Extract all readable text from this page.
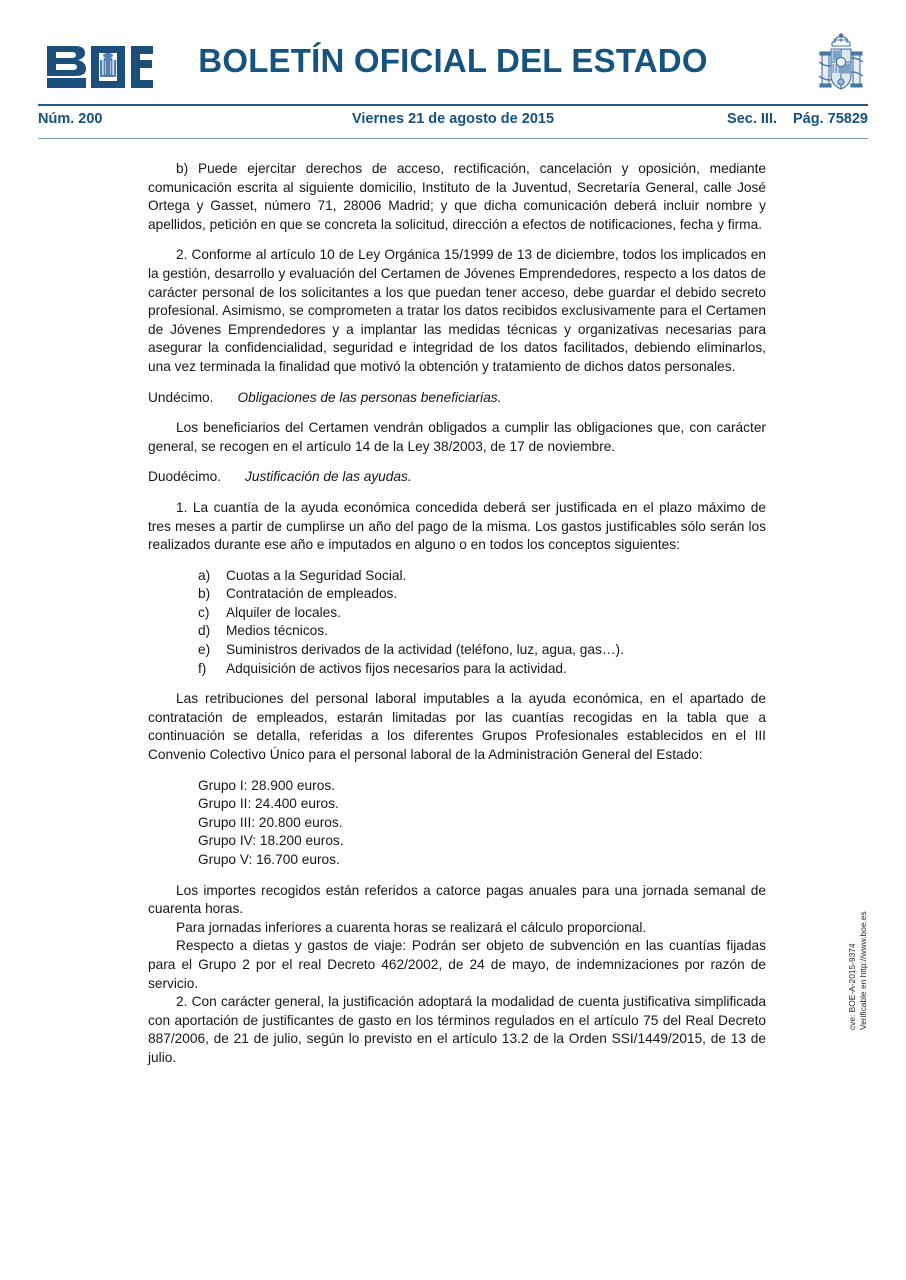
BOLETÍN OFICIAL DEL ESTADO
Núm. 200	Viernes 21 de agosto de 2015	Sec. III. Pág. 75829

b) Puede ejercitar derechos de acceso, rectificación, cancelación y oposición, mediante comunicación escrita al siguiente domicilio, Instituto de la Juventud, Secretaría General, calle José Ortega y Gasset, número 71, 28006 Madrid; y que dicha comunicación deberá incluir nombre y apellidos, petición en que se concreta la solicitud, dirección a efectos de notificaciones, fecha y firma.

2. Conforme al artículo 10 de Ley Orgánica 15/1999 de 13 de diciembre, todos los implicados en la gestión, desarrollo y evaluación del Certamen de Jóvenes Emprendedores, respecto a los datos de carácter personal de los solicitantes a los que puedan tener acceso, debe guardar el debido secreto profesional. Asimismo, se comprometen a tratar los datos recibidos exclusivamente para el Certamen de Jóvenes Emprendedores y a implantar las medidas técnicas y organizativas necesarias para asegurar la confidencialidad, seguridad e integridad de los datos facilitados, debiendo eliminarlos, una vez terminada la finalidad que motivó la obtención y tratamiento de dichos datos personales.

Undécimo. Obligaciones de las personas beneficiarias.

Los beneficiarios del Certamen vendrán obligados a cumplir las obligaciones que, con carácter general, se recogen en el artículo 14 de la Ley 38/2003, de 17 de noviembre.

Duodécimo. Justificación de las ayudas.

1. La cuantía de la ayuda económica concedida deberá ser justificada en el plazo máximo de tres meses a partir de cumplirse un año del pago de la misma. Los gastos justificables sólo serán los realizados durante ese año e imputados en alguno o en todos los conceptos siguientes:

a) Cuotas a la Seguridad Social.
b) Contratación de empleados.
c) Alquiler de locales.
d) Medios técnicos.
e) Suministros derivados de la actividad (teléfono, luz, agua, gas…).
f) Adquisición de activos fijos necesarios para la actividad.

Las retribuciones del personal laboral imputables a la ayuda económica, en el apartado de contratación de empleados, estarán limitadas por las cuantías recogidas en la tabla que a continuación se detalla, referidas a los diferentes Grupos Profesionales establecidos en el III Convenio Colectivo Único para el personal laboral de la Administración General del Estado:

Grupo I: 28.900 euros.
Grupo II: 24.400 euros.
Grupo III: 20.800 euros.
Grupo IV: 18.200 euros.
Grupo V: 16.700 euros.

Los importes recogidos están referidos a catorce pagas anuales para una jornada semanal de cuarenta horas.

Para jornadas inferiores a cuarenta horas se realizará el cálculo proporcional.

Respecto a dietas y gastos de viaje: Podrán ser objeto de subvención en las cuantías fijadas para el Grupo 2 por el real Decreto 462/2002, de 24 de mayo, de indemnizaciones por razón de servicio.

2. Con carácter general, la justificación adoptará la modalidad de cuenta justificativa simplificada con aportación de justificantes de gasto en los términos regulados en el artículo 75 del Real Decreto 887/2006, de 21 de julio, según lo previsto en el artículo 13.2 de la Orden SSI/1449/2015, de 13 de julio.

cve: BOE-A-2015-9374 Verificable en http://www.boe.es
